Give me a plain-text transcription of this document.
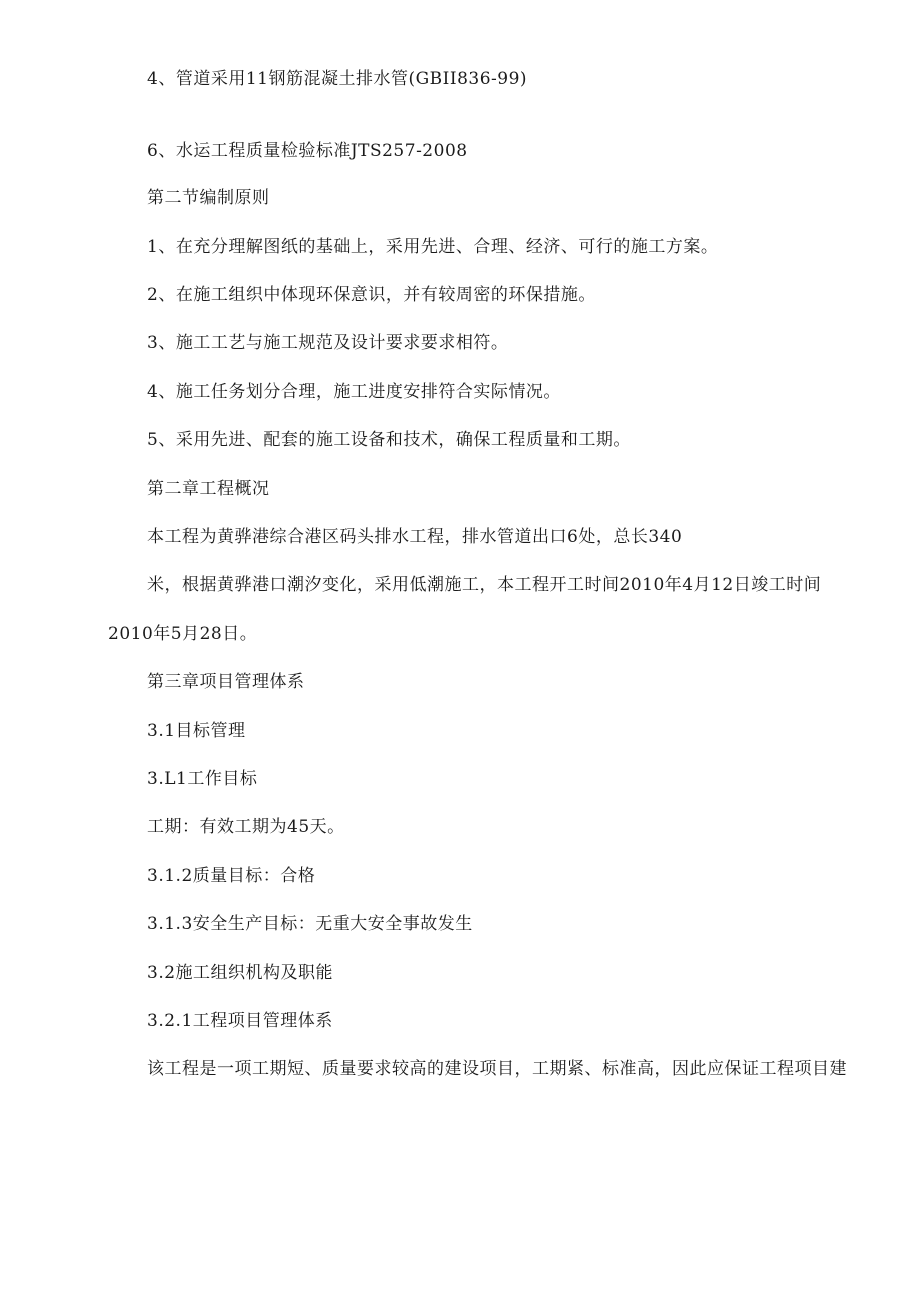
4、管道采用11钢筋混凝土排水管(GBII836-99)
6、水运工程质量检验标准JTS257-2008
第二节编制原则
1、在充分理解图纸的基础上，采用先进、合理、经济、可行的施工方案。
2、在施工组织中体现环保意识，并有较周密的环保措施。
3、施工工艺与施工规范及设计要求要求相符。
4、施工任务划分合理，施工进度安排符合实际情况。
5、采用先进、配套的施工设备和技术，确保工程质量和工期。
第二章工程概况
本工程为黄骅港综合港区码头排水工程，排水管道出口6处，总长340
米，根据黄骅港口潮汐变化，采用低潮施工，本工程开工时间2010年4月12日竣工时间
2010年5月28日。
第三章项目管理体系
3.1目标管理
3.L1工作目标
工期：有效工期为45天。
3.1.2质量目标：合格
3.1.3安全生产目标：无重大安全事故发生
3.2施工组织机构及职能
3.2.1工程项目管理体系
该工程是一项工期短、质量要求较高的建设项目，工期紧、标准高，因此应保证工程项目建
